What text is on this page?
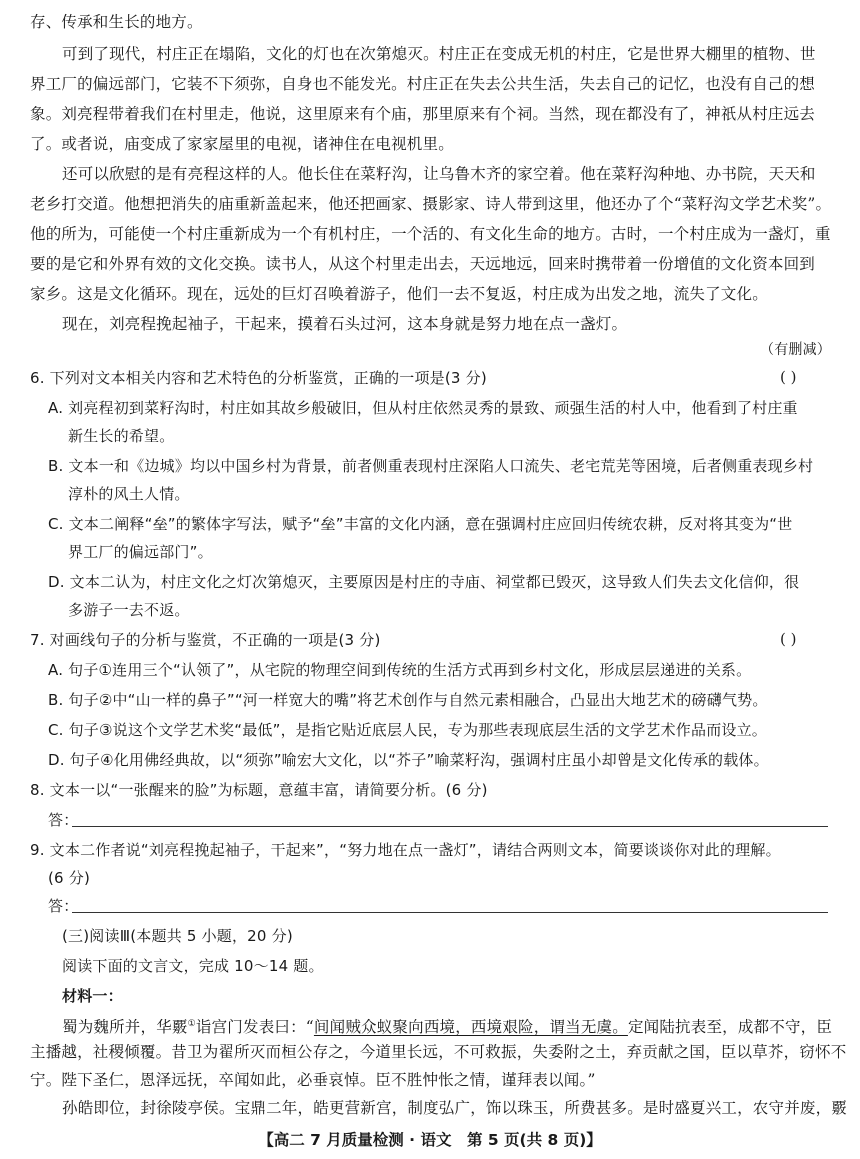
存、传承和生长的地方。
可到了现代，村庄正在塌陷，文化的灯也在次第熄灭。村庄正在变成无机的村庄，它是世界大棚里的植物、世
界工厂的偏远部门，它装不下须弥，自身也不能发光。村庄正在失去公共生活，失去自己的记忆，也没有自己的想
象。刘亮程带着我们在村里走，他说，这里原来有个庙，那里原来有个祠。当然，现在都没有了，神祇从村庄远去
了。或者说，庙变成了家家屋里的电视，诸神住在电视机里。
还可以欣慰的是有亮程这样的人。他长住在菜籽沟，让乌鲁木齐的家空着。他在菜籽沟种地、办书院，天天和
老乡打交道。他想把消失的庙重新盖起来，他还把画家、摄影家、诗人带到这里，他还办了个“菜籽沟文学艺术奖”。
他的所为，可能使一个村庄重新成为一个有机村庄，一个活的、有文化生命的地方。古时，一个村庄成为一盏灯，重
要的是它和外界有效的文化交换。读书人，从这个村里走出去，天远地远，回来时携带着一份增值的文化资本回到
家乡。这是文化循环。现在，远处的巨灯召唤着游子，他们一去不复返，村庄成为出发之地，流失了文化。
现在，刘亮程挽起袖子，干起来，摸着石头过河，这本身就是努力地在点一盏灯。
（有删减）
6. 下列对文本相关内容和艺术特色的分析鉴赏，正确的一项是(3 分)	( )
A. 刘亮程初到菜籽沟时，村庄如其故乡般破旧，但从村庄依然灵秀的景致、顽强生活的村人中，他看到了村庄重
新生长的希望。
B. 文本一和《边城》均以中国乡村为背景，前者侧重表现村庄深陷人口流失、老宅荒芜等困境，后者侧重表现乡村
淳朴的风土人情。
C. 文本二阐释“垒”的繁体字写法，赋予“垒”丰富的文化内涵，意在强调村庄应回归传统农耕，反对将其变为“世
界工厂的偏远部门”。
D. 文本二认为，村庄文化之灯次第熄灭，主要原因是村庄的寺庙、祠堂都已毁灭，这导致人们失去文化信仰，很
多游子一去不返。
7. 对画线句子的分析与鉴赏，不正确的一项是(3 分)	( )
A. 句子①连用三个“认领了”，从宅院的物理空间到传统的生活方式再到乡村文化，形成层层递进的关系。
B. 句子②中“山一样的鼻子”“河一样宽大的嘴”将艺术创作与自然元素相融合，凸显出大地艺术的磅礴气势。
C. 句子③说这个文学艺术奖“最低”，是指它贴近底层人民，专为那些表现底层生活的文学艺术作品而设立。
D. 句子④化用佛经典故，以“须弥”喻宏大文化，以“芥子”喻菜籽沟，强调村庄虽小却曾是文化传承的载体。
8. 文本一以“一张醒来的脸”为标题，意蕴丰富，请简要分析。(6 分)
答：
9. 文本二作者说“刘亮程挽起袖子，干起来”，“努力地在点一盏灯”，请结合两则文本，简要谈谈你对此的理解。
(6 分)
答：
(三)阅读Ⅲ(本题共 5 小题，20 分)
阅读下面的文言文，完成 10～14 题。
材料一：
蜀为魏所并，华覈①诣宫门发表曰：“间闻贼众蚁聚向西境，西境艰险，谓当无虞。定闻陆抗表至，成都不守，臣
主播越，社稷倾覆。昔卫为翟所灭而桓公存之，今道里长远，不可救振，失委附之土，弃贡献之国，臣以草芥，窃怀不
宁。陛下圣仁，恩泽远抚，卒闻如此，必垂哀悼。臣不胜忡怅之情，谨拜表以闻。”
孙皓即位，封徐陵亭侯。宝鼎二年，皓更营新宫，制度弘广，饰以珠玉，所费甚多。是时盛夏兴工，农守并废，覈
【高二 7 月质量检测 · 语文　第 5 页(共 8 页)】
